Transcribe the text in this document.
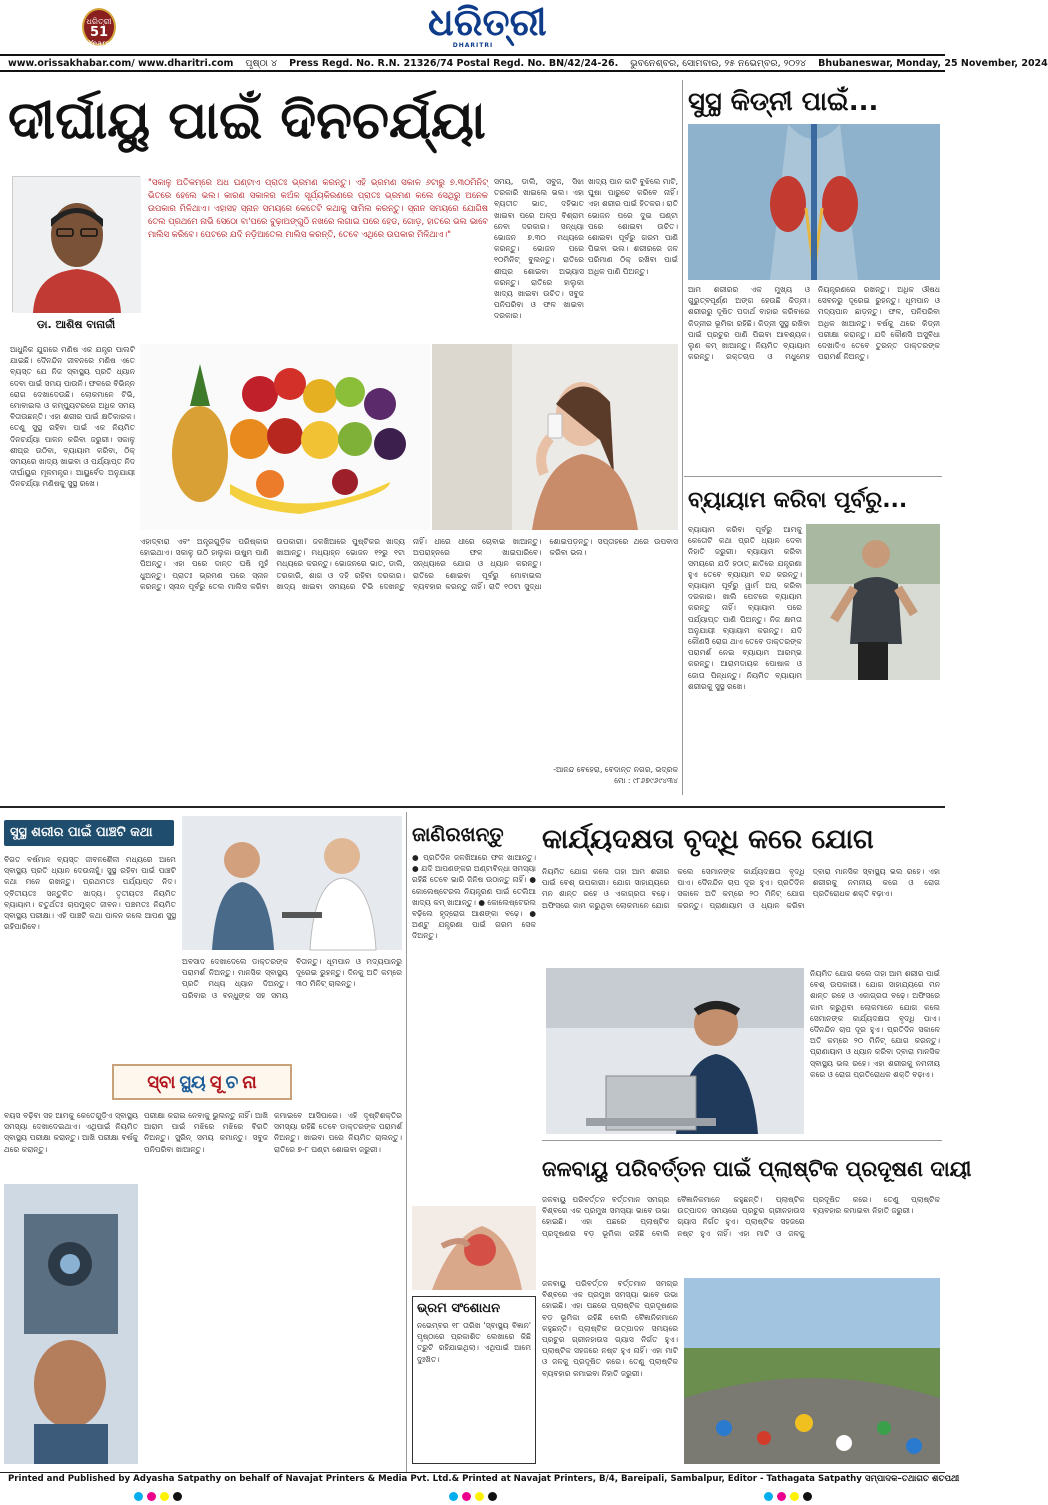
ଧରିତ୍ରୀ
51
Years	ଧରିତ୍ରୀ
DHARITRI
www.orissakhabar.com/ www.dharitri.com ପୃଷ୍ଠା ୪ Press Regd. No. R.N. 21326/74 Postal Regd. No. BN/42/24-26. ଭୁବନେଶ୍ବର, ସୋମବାର, ୨୫ ନଭେମ୍ବର, ୨୦୨୪ Bhubaneswar, Monday, 25 November, 2024
ଦୀର୍ଘାୟୁ ପାଇଁ ଦିନଚର୍ଯ୍ୟା
ଡା. ଆଶିଷ ବାନାର୍ଜୀ
"ସକାଳୁ ଅତିକମ୍‌ରେ ଅଧ ଘଣ୍ଟାଏ ପ୍ରାତଃ ଭ୍ରମଣ କରନ୍ତୁ। ଏହି ଭ୍ରମଣ ସକାଳ ୬ଟାରୁ ୭.୩୦ମିନିଟ୍ ଭିତରେ ହେଲେ ଭଲ। କାରଣ ସକାଳର କଅଁଳ ସୂର୍ଯ୍ୟକିରଣରେ ପ୍ରାତଃ ଭ୍ରମଣ କଲେ ସେଥିରୁ ଅନେକ ଉପକାର ମିଳିଥାଏ। ଏହାସହ ସ୍ନାନ ସମୟରେ କେତେଟି କଥାକୁ ସାମିଲ କରନ୍ତୁ। ସ୍ନାନ ସମୟରେ ଯୋଗିଷ ତେଲ ପ୍ରଥମେ ନାଭି ସେଠୋ ବା'ପରେ ବୁଢ଼ାଅଙ୍ଗୁଠି ନଖରେ ଲଗାଇ ପରେ ହେଡ, ଗୋଡ଼, ହାତରେ ଭଲ ଭାବେ ମାଲିସ କରିବେ। ପେଟରେ ଯଦି ନଡ଼ିଆତେଲ ମାଲିସ କରନ୍ତି, ତେବେ ଏଥିରେ ଉପକାର ମିଳିଥାଏ।"
ସମୟ, ଡାଲି, ସବୁଜ, ସିଝା ତରକାରି ଖାଇଲେ ଭଲ। ଏହା ବ୍ୟତୀତ ଭାତ, ଦହିଭାତ ଖାଇବା ପରେ ଅଳ୍ପ ବିଶ୍ରାମ ନେବା ଦରକାର। ସନ୍ଧ୍ୟା ଭୋଜନ ୭.୩୦ ମଧ୍ୟରେ କରନ୍ତୁ। ଭୋଜନ ପରେ ୧୦ମିନିଟ୍ ବୁଲନ୍ତୁ। ରାତିରେ ଶୀଘ୍ର ଶୋଇବା ଅଭ୍ୟାସ କରନ୍ତୁ। ରାତିରେ ହାଲୁକା ଖାଦ୍ୟ ଖାଇବା ଉଚିତ। ସବୁଜ ପନିପରିବା ଓ ଫଳ ଖାଇବା ଦରକାର।
ଖାଦ୍ୟ ପାନ କାଟି ବୁଝିଲେ ମାଟି, ଘୁଷା ପାରୁଚେ କରିବେ ନାହିଁ। ଏହା ଶରୀର ପାଇଁ ହିତକର। ରାତି ଭୋଜନ ପରେ ଦୁଇ ଘଣ୍ଟା ପରେ ଶୋଇବା ଉଚିତ। ଶୋଇବା ପୂର୍ବରୁ ଗରମ ପାଣି ପିଇବା ଭଲ। ଶରୀରରେ ଜଳ ପରିମାଣ ଠିକ୍ ରଖିବା ପାଇଁ ଅଧିକ ପାଣି ପିଅନ୍ତୁ।
ଆଧୁନିକ ଯୁଗରେ ମଣିଷ ଏକ ଯନ୍ତ୍ର ପାଲଟି ଯାଇଛି। ଦୈନନ୍ଦିନ ଜୀବନରେ ମଣିଷ ଏତେ ବ୍ୟସ୍ତ ଯେ ନିଜ ସ୍ବାସ୍ଥ୍ୟ ପ୍ରତି ଧ୍ୟାନ ଦେବା ପାଇଁ ସମୟ ପାଉନି। ଫଳରେ ବିଭିନ୍ନ ରୋଗ ଦେଖାଦେଉଛି। ଲୋକମାନେ ଟିଭି, ମୋବାଇଲ ଓ କମ୍ପ୍ୟୁଟରରେ ଅଧିକ ସମୟ ବିତାଉଛନ୍ତି। ଏହା ଶରୀର ପାଇଁ କ୍ଷତିକାରକ। ତେଣୁ ସୁସ୍ଥ ରହିବା ପାଇଁ ଏକ ନିୟମିତ ଦିନଚର୍ଯ୍ୟା ପାଳନ କରିବା ଜରୁରୀ। ସକାଳୁ ଶୀଘ୍ର ଉଠିବା, ବ୍ୟାୟାମ କରିବା, ଠିକ୍ ସମୟରେ ଖାଦ୍ୟ ଖାଇବା ଓ ପର୍ଯ୍ୟାପ୍ତ ନିଦ ଦୀର୍ଘାୟୁର ମୂଳମନ୍ତ୍ର। ଆୟୁର୍ବେଦ ଅନୁଯାୟୀ ଦିନଚର୍ଯ୍ୟା ମଣିଷକୁ ସୁସ୍ଥ ରଖେ।
ଏହାଦ୍ବାରା ଏବଂ ଅନ୍ତ୍ରଗୁଡ଼ିକ ପରିଷ୍କାର ହୋଇଥାଏ। ସକାଳୁ ଉଠି ହାଲୁକା ଉଷୁମ ପାଣି ପିଅନ୍ତୁ। ଏହା ପରେ ଦାନ୍ତ ଘଷି ମୁହଁ ଧୁଅନ୍ତୁ। ପ୍ରାତଃ ଭ୍ରମଣ ପରେ ସ୍ନାନ କରନ୍ତୁ। ସ୍ନାନ ପୂର୍ବରୁ ତେଲ ମାଲିସ କରିବା ଉପକାରୀ। ଜଳଖିଆରେ ପୁଷ୍ଟିକର ଖାଦ୍ୟ ଖାଆନ୍ତୁ। ମଧ୍ୟାହ୍ନ ଭୋଜନ ୧୨ରୁ ୧ଟା ମଧ୍ୟରେ କରନ୍ତୁ। ଭୋଜନରେ ଭାତ, ଡାଲି, ତରକାରି, ଶାଗ ଓ ଦହି ରହିବା ଦରକାର। ଖାଦ୍ୟ ଖାଇବା ସମୟରେ ଟିଭି ଦେଖନ୍ତୁ ନାହିଁ। ଧୀରେ ଧୀରେ ଚୋବାଇ ଖାଆନ୍ତୁ। ଅପରାହ୍ନରେ ଫଳ ଖାଇପାରିବେ। ସନ୍ଧ୍ୟାରେ ଯୋଗ ଓ ଧ୍ୟାନ କରନ୍ତୁ। ରାତିରେ ଶୋଇବା ପୂର୍ବରୁ ମୋବାଇଲ ବ୍ୟବହାର କରନ୍ତୁ ନାହିଁ। ରାତି ୧୦ଟା ସୁଦ୍ଧା ଶୋଇପଡ଼ନ୍ତୁ। ସପ୍ତାହରେ ଥରେ ଉପବାସ କରିବା ଭଲ।
-ଆନନ୍ଦ ବେହେରା, ବେଦାନ୍ତ ନଗର, ଭଦ୍ରକ
ମୋ : ୯୮୬୭୯୬୯୪୩୪
ସୁସ୍ଥ କିଡ୍‌ନୀ ପାଇଁ...
ଆମ ଶରୀରର ଏକ ମୁଖ୍ୟ ଓ ଗୁରୁତ୍ବପୂର୍ଣ୍ଣ ଅଙ୍ଗ ହେଉଛି କିଡ୍‌ନୀ। ଶରୀରରୁ ଦୂଷିତ ପଦାର୍ଥ ବାହାର କରିବାରେ କିଡ୍‌ନୀର ଭୂମିକା ରହିଛି। କିଡ୍‌ନୀ ସୁସ୍ଥ ରଖିବା ପାଇଁ ପ୍ରଚୁର ପାଣି ପିଇବା ଆବଶ୍ୟକ। ଲୁଣ କମ୍ ଖାଆନ୍ତୁ। ନିୟମିତ ବ୍ୟାୟାମ କରନ୍ତୁ। ରକ୍ତଚାପ ଓ ମଧୁମେହ ନିୟନ୍ତ୍ରଣରେ ରଖନ୍ତୁ। ଅଧିକ ଔଷଧ ସେବନରୁ ଦୂରେଇ ରୁହନ୍ତୁ। ଧୂମପାନ ଓ ମଦ୍ୟପାନ ଛାଡ଼ନ୍ତୁ। ଫଳ, ପନିପରିବା ଅଧିକ ଖାଆନ୍ତୁ। ବର୍ଷକୁ ଥରେ କିଡ୍‌ନୀ ପରୀକ୍ଷା କରାନ୍ତୁ। ଯଦି କୌଣସି ଅସୁବିଧା ଦେଖାଦିଏ ତେବେ ତୁରନ୍ତ ଡାକ୍ତରଙ୍କ ପରାମର୍ଶ ନିଅନ୍ତୁ।
ବ୍ୟାୟାମ କରିବା ପୂର୍ବରୁ...
ବ୍ୟାୟାମ କରିବା ପୂର୍ବରୁ ଆମକୁ କେତୋଟି କଥା ପ୍ରତି ଧ୍ୟାନ ଦେବା ନିହାତି ଜରୁରୀ। ବ୍ୟାୟାମ କରିବା ସମୟରେ ଯଦି ହଠାତ୍ ଛାତିରେ ଯନ୍ତ୍ରଣା ହୁଏ ତେବେ ବ୍ୟାୟାମ ବନ୍ଦ କରନ୍ତୁ। ବ୍ୟାୟାମ ପୂର୍ବରୁ ୱାର୍ମ ଅପ୍ କରିବା ଦରକାର। ଖାଲି ପେଟରେ ବ୍ୟାୟାମ କରନ୍ତୁ ନାହିଁ। ବ୍ୟାୟାମ ପରେ ପର୍ଯ୍ୟାପ୍ତ ପାଣି ପିଅନ୍ତୁ। ନିଜ କ୍ଷମତା ଅନୁଯାୟୀ ବ୍ୟାୟାମ କରନ୍ତୁ। ଯଦି କୌଣସି ରୋଗ ଥାଏ ତେବେ ଡାକ୍ତରଙ୍କ ପରାମର୍ଶ ନେଇ ବ୍ୟାୟାମ ଆରମ୍ଭ କରନ୍ତୁ। ଆରାମଦାୟକ ପୋଷାକ ଓ ଜୋତା ପିନ୍ଧନ୍ତୁ। ନିୟମିତ ବ୍ୟାୟାମ ଶରୀରକୁ ସୁସ୍ଥ ରଖେ।
ସୁସ୍ଥ ଶରୀର ପାଇଁ ପାଞ୍ଚଟି କଥା
ବିଗତ ବର୍ଷମାନ ବ୍ୟସ୍ତ ଜୀବନଶୈଳୀ ମଧ୍ୟରେ ଆମେ ସ୍ବାସ୍ଥ୍ୟ ପ୍ରତି ଧ୍ୟାନ ଦେଉନାହୁଁ। ସୁସ୍ଥ ରହିବା ପାଇଁ ପାଞ୍ଚଟି କଥା ମନେ ରଖନ୍ତୁ। ପ୍ରଥମତଃ ପର୍ଯ୍ୟାପ୍ତ ନିଦ। ଦ୍ବିତୀୟତଃ ସନ୍ତୁଳିତ ଖାଦ୍ୟ। ତୃତୀୟତଃ ନିୟମିତ ବ୍ୟାୟାମ। ଚତୁର୍ଥତଃ ଚାପମୁକ୍ତ ଜୀବନ। ପଞ୍ଚମତଃ ନିୟମିତ ସ୍ବାସ୍ଥ୍ୟ ପରୀକ୍ଷା। ଏହି ପାଞ୍ଚଟି କଥା ପାଳନ କଲେ ଆପଣ ସୁସ୍ଥ ରହିପାରିବେ।
ଅବସାଦ ଦେଖାଦେଲେ ଡାକ୍ତରଙ୍କ ପରାମର୍ଶ ନିଅନ୍ତୁ। ମାନସିକ ସ୍ବାସ୍ଥ୍ୟ ପ୍ରତି ମଧ୍ୟ ଧ୍ୟାନ ଦିଅନ୍ତୁ। ପରିବାର ଓ ବନ୍ଧୁଙ୍କ ସହ ସମୟ ବିତାନ୍ତୁ। ଧୂମପାନ ଓ ମଦ୍ୟପାନରୁ ଦୂରେଇ ରୁହନ୍ତୁ। ଦିନକୁ ଅତି କମ୍‌ରେ ୩୦ ମିନିଟ୍ ଚାଲନ୍ତୁ।
ସ୍ବା ସ୍ଥ୍ୟ ସୂ ଚ ନା
ବୟସ ବଢ଼ିବା ସହ ଆମକୁ କେତେଗୁଡ଼ିଏ ସ୍ବାସ୍ଥ୍ୟ ସମସ୍ୟା ଦେଖାଦେଇଥାଏ। ଏଥିପାଇଁ ନିୟମିତ ସ୍ବାସ୍ଥ୍ୟ ପରୀକ୍ଷା କରାନ୍ତୁ। ଆଖି ପରୀକ୍ଷା ବର୍ଷକୁ ଥରେ କରାନ୍ତୁ।
ପରୀକ୍ଷା କରାଇ ନେବାକୁ ଭୁଲନ୍ତୁ ନାହିଁ। ଆଖି ଆରାମ ପାଇଁ ମଝିରେ ମଝିରେ ବିରତି ନିଅନ୍ତୁ। ସ୍କ୍ରିନ୍ ସମୟ କମାନ୍ତୁ। ସବୁଜ ପନିପରିବା ଖାଆନ୍ତୁ।
କମାଇବେ ଆସିପାରେ। ଏହି ଦୃଷ୍ଟିଶକ୍ତିର ସମସ୍ୟା ରହିଛି ତେବେ ଡାକ୍ତରଙ୍କ ପରାମର୍ଶ ନିଅନ୍ତୁ। ଖାଇବା ପରେ ନିୟମିତ ଚାଲନ୍ତୁ। ରାତିରେ ୭-୮ ଘଣ୍ଟା ଶୋଇବା ଜରୁରୀ।
ଜାଣିରଖନ୍ତୁ
● ପ୍ରତିଦିନ ଜଳଖିଆରେ ଫଳ ଖାଆନ୍ତୁ। ● ଯଦି ଆପଣଙ୍କର ଅଣ୍ଟାବିନ୍ଧା ସମସ୍ୟା ରହିଛି ତେବେ ଭାରି ଜିନିଷ ଉଠାନ୍ତୁ ନାହିଁ। ● କୋଲେଷ୍ଟେରଲ ନିୟନ୍ତ୍ରଣ ପାଇଁ ତେଲିଆ ଖାଦ୍ୟ କମ୍ ଖାଆନ୍ତୁ। ● କୋଲେଷ୍ଟେରଲ ବଢ଼ିଲେ ହୃଦ୍‌ରୋଗ ଆଶଙ୍କା ବଢ଼େ। ● ଅଣ୍ଟୁ ଯନ୍ତ୍ରଣା ପାଇଁ ଗରମ ସେକ ଦିଅନ୍ତୁ।
ଭ୍ରମ ସଂଶୋଧନ
ନଭେମ୍ବର ୧୮ ତାରିଖ 'ସ୍ବାସ୍ଥ୍ୟ ବିଜ୍ଞାନ' ପୃଷ୍ଠାରେ ପ୍ରକାଶିତ ଲେଖାରେ କିଛି ତ୍ରୁଟି ରହିଯାଇଥିଲା। ଏଥିପାଇଁ ଆମେ ଦୁଃଖିତ।
କାର୍ଯ୍ୟଦକ୍ଷତା ବୃଦ୍ଧି କରେ ଯୋଗ
ନିୟମିତ ଯୋଗ କଲେ ତାହା ଆମ ଶରୀର ପାଇଁ ବେଶ୍ ଉପକାରୀ। ଯୋଗ ସାହାଯ୍ୟରେ ମନ ଶାନ୍ତ ରହେ ଓ ଏକାଗ୍ରତା ବଢ଼େ। ଅଫିସରେ କାମ କରୁଥିବା ଲୋକମାନେ ଯୋଗ କଲେ ସେମାନଙ୍କ କାର୍ଯ୍ୟଦକ୍ଷତା ବୃଦ୍ଧି ପାଏ। ଦୈନନ୍ଦିନ ଚାପ ଦୂର ହୁଏ। ପ୍ରତିଦିନ ସକାଳେ ଅତି କମ୍‌ରେ ୨୦ ମିନିଟ୍ ଯୋଗ କରନ୍ତୁ। ପ୍ରାଣାୟାମ ଓ ଧ୍ୟାନ କରିବା ଦ୍ବାରା ମାନସିକ ସ୍ବାସ୍ଥ୍ୟ ଭଲ ରହେ। ଏହା ଶରୀରକୁ ନମନୀୟ କରେ ଓ ରୋଗ ପ୍ରତିରୋଧକ ଶକ୍ତି ବଢ଼ାଏ।
ନିୟମିତ ଯୋଗ କଲେ ତାହା ଆମ ଶରୀର ପାଇଁ ବେଶ୍ ଉପକାରୀ। ଯୋଗ ସାହାଯ୍ୟରେ ମନ ଶାନ୍ତ ରହେ ଓ ଏକାଗ୍ରତା ବଢ଼େ। ଅଫିସରେ କାମ କରୁଥିବା ଲୋକମାନେ ଯୋଗ କଲେ ସେମାନଙ୍କ କାର୍ଯ୍ୟଦକ୍ଷତା ବୃଦ୍ଧି ପାଏ। ଦୈନନ୍ଦିନ ଚାପ ଦୂର ହୁଏ। ପ୍ରତିଦିନ ସକାଳେ ଅତି କମ୍‌ରେ ୨୦ ମିନିଟ୍ ଯୋଗ କରନ୍ତୁ। ପ୍ରାଣାୟାମ ଓ ଧ୍ୟାନ କରିବା ଦ୍ବାରା ମାନସିକ ସ୍ବାସ୍ଥ୍ୟ ଭଲ ରହେ। ଏହା ଶରୀରକୁ ନମନୀୟ କରେ ଓ ରୋଗ ପ୍ରତିରୋଧକ ଶକ୍ତି ବଢ଼ାଏ।
ଜଳବାୟୁ ପରିବର୍ତ୍ତନ ପାଇଁ ପ୍ଲାଷ୍ଟିକ ପ୍ରଦୂଷଣ ଦାୟୀ
ଜଳବାୟୁ ପରିବର୍ତ୍ତନ ବର୍ତ୍ତମାନ ସମଗ୍ର ବିଶ୍ବରେ ଏକ ପ୍ରମୁଖ ସମସ୍ୟା ଭାବେ ଉଭା ହୋଇଛି। ଏହା ପଛରେ ପ୍ଲାଷ୍ଟିକ ପ୍ରଦୂଷଣର ବଡ଼ ଭୂମିକା ରହିଛି ବୋଲି ବୈଜ୍ଞାନିକମାନେ କହୁଛନ୍ତି। ପ୍ଲାଷ୍ଟିକ ଉତ୍ପାଦନ ସମୟରେ ପ୍ରଚୁର ଗ୍ରୀନହାଉସ ଗ୍ୟାସ ନିର୍ଗତ ହୁଏ। ପ୍ଲାଷ୍ଟିକ ସହଜରେ ନଷ୍ଟ ହୁଏ ନାହିଁ। ଏହା ମାଟି ଓ ଜଳକୁ ପ୍ରଦୂଷିତ କରେ। ତେଣୁ ପ୍ଲାଷ୍ଟିକ ବ୍ୟବହାର କମାଇବା ନିହାତି ଜରୁରୀ।
ଜଳବାୟୁ ପରିବର୍ତ୍ତନ ବର୍ତ୍ତମାନ ସମଗ୍ର ବିଶ୍ବରେ ଏକ ପ୍ରମୁଖ ସମସ୍ୟା ଭାବେ ଉଭା ହୋଇଛି। ଏହା ପଛରେ ପ୍ଲାଷ୍ଟିକ ପ୍ରଦୂଷଣର ବଡ଼ ଭୂମିକା ରହିଛି ବୋଲି ବୈଜ୍ଞାନିକମାନେ କହୁଛନ୍ତି। ପ୍ଲାଷ୍ଟିକ ଉତ୍ପାଦନ ସମୟରେ ପ୍ରଚୁର ଗ୍ରୀନହାଉସ ଗ୍ୟାସ ନିର୍ଗତ ହୁଏ। ପ୍ଲାଷ୍ଟିକ ସହଜରେ ନଷ୍ଟ ହୁଏ ନାହିଁ। ଏହା ମାଟି ଓ ଜଳକୁ ପ୍ରଦୂଷିତ କରେ। ତେଣୁ ପ୍ଲାଷ୍ଟିକ ବ୍ୟବହାର କମାଇବା ନିହାତି ଜରୁରୀ।
Printed and Published by Adyasha Satpathy on behalf of Navajat Printers & Media Pvt. Ltd.& Printed at Navajat Printers, B/4, Bareipali, Sambalpur, Editor - Tathagata Satpathy ସମ୍ପାଦକ–ତଥାଗତ ଶତପଥୀ
